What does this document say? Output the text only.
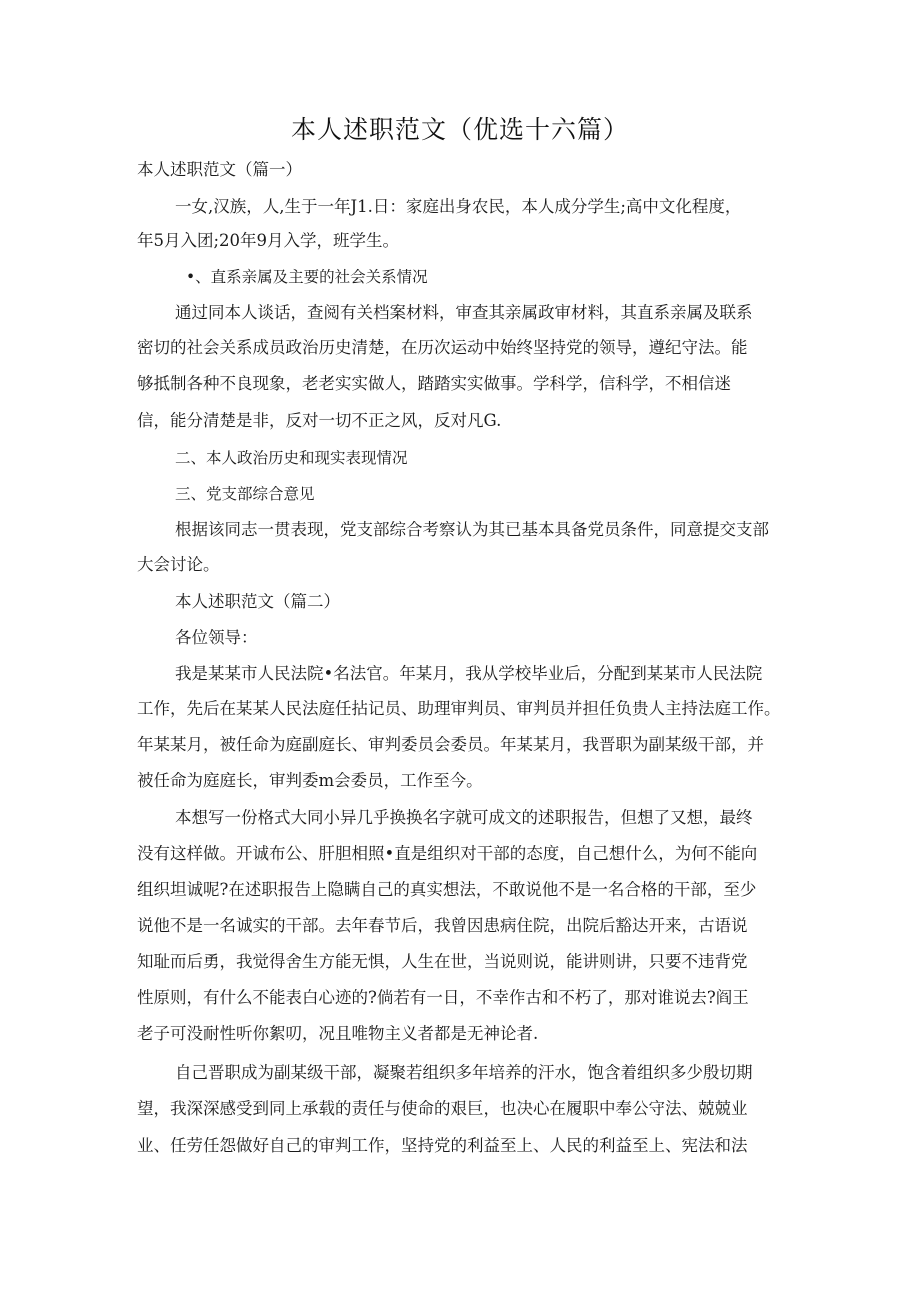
本人述职范文（优选十六篇）
本人述职范文（篇一）
一女,汉族，人,生于一年J1.日：家庭出身农民，本人成分学生;高中文化程度，
年5月入团;20年9月入学，班学生。
•、直系亲属及主要的社会关系情况
通过同本人谈话，查阅有关档案材料，审查其亲属政审材料，其直系亲属及联系
密切的社会关系成员政治历史清楚，在历次运动中始终坚持党的领导，遵纪守法。能
够抵制各种不良现象，老老实实做人，踏踏实实做事。学科学，信科学，不相信迷
信，能分清楚是非，反对一切不正之风，反对凡G.
二、本人政治历史和现实表现情况
三、党支部综合意见
根据该同志一贯表现，党支部综合考察认为其已基本具备党员条件，同意提交支部
大会讨论。
本人述职范文（篇二）
各位领导：
我是某某市人民法院•名法官。年某月，我从学校毕业后，分配到某某市人民法院
工作，先后在某某人民法庭任拈记员、助理审判员、审判员并担任负贵人主持法庭工作。
年某某月，被任命为庭副庭长、审判委员会委员。年某某月，我晋职为副某级干部，并
被任命为庭庭长，审判委m会委员，工作至今。
本想写一份格式大同小异几乎换换名字就可成文的述职报告，但想了又想，最终
没有这样做。开诚布公、肝胆相照•直是组织对干部的态度，自己想什么，为何不能向
组织坦诚呢?在述职报告上隐瞒自己的真实想法，不敢说他不是一名合格的干部，至少
说他不是一名诚实的干部。去年春节后，我曾因患病住院，出院后豁达开来，古语说
知耻而后勇，我觉得舍生方能无惧，人生在世，当说则说，能讲则讲，只要不违背党
性原则，有什么不能表白心迹的?倘若有一日，不幸作古和不朽了，那对谁说去?阎王
老子可没耐性听你絮叨，况且唯物主义者都是无神论者.
自己晋职成为副某级干部，凝聚若组织多年培养的汗水，饱含着组织多少殷切期
望，我深深感受到同上承载的责任与使命的艰巨，也决心在履职中奉公守法、兢兢业
业、任劳任怨做好自己的审判工作，坚持党的利益至上、人民的利益至上、宪法和法
